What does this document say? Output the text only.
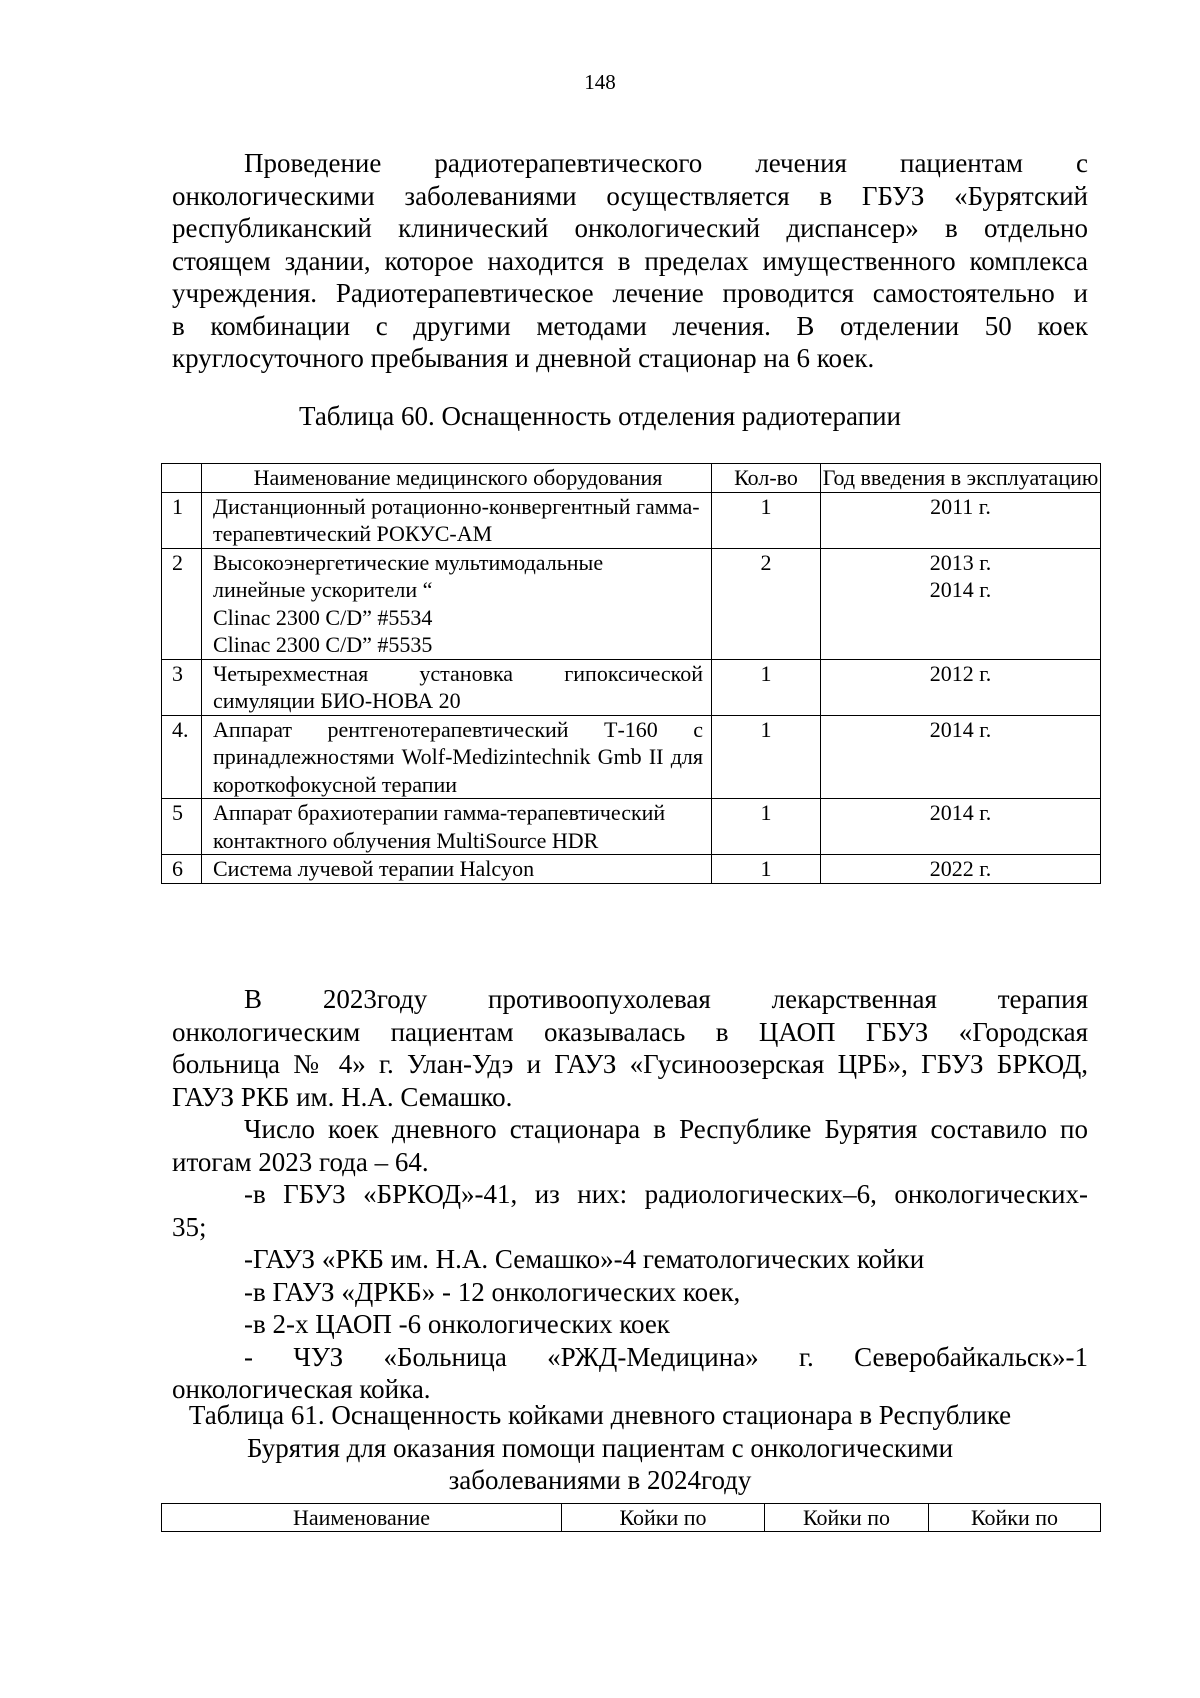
148
Проведение радиотерапевтического лечения пациентам с
онкологическими заболеваниями осуществляется в ГБУЗ «Бурятский
республиканский клинический онкологический диспансер» в отдельно
стоящем здании, которое находится в пределах имущественного комплекса
учреждения. Радиотерапевтическое лечение проводится самостоятельно и
в комбинации с другими методами лечения. В отделении 50 коек
круглосуточного пребывания и дневной стационар на 6 коек.
Таблица 60. Оснащенность отделения радиотерапии
	Наименование медицинского оборудования	Кол-во	Год введения в эксплуатацию
1	Дистанционный ротационно-конвергентный гамма-терапевтический РОКУС-АМ	1	2011 г.

2	Высокоэнергетические мультимодальные
линейные ускорители “
Clinac 2300 C/D” #5534
Clinac 2300 C/D” #5535	2	2013 г.
2014 г.

3	Четырехместная установка гипоксической симуляции БИО-НОВА 20	1	2012 г.

4.	Аппарат рентгенотерапевтический Т-160 с принадлежностями Wolf-Medizintechnik Gmb II для короткофокусной терапии	1	2014 г.

5	Аппарат брахиотерапии гамма-терапевтический контактного облучения MultiSource HDR	1	2014 г.

6	Система лучевой терапии Halcyon	1	2022 г.
В 2023году противоопухолевая лекарственная терапия
онкологическим пациентам оказывалась в ЦАОП ГБУЗ «Городская
больница № 4» г. Улан-Удэ и ГАУЗ «Гусиноозерская ЦРБ», ГБУЗ БРКОД,
ГАУЗ РКБ им. Н.А. Семашко.
Число коек дневного стационара в Республике Бурятия составило по
итогам 2023 года – 64.
-в ГБУЗ «БРКОД»-41, из них: радиологических–6, онкологических-
35;
-ГАУЗ «РКБ им. Н.А. Семашко»-4 гематологических койки
-в ГАУЗ «ДРКБ» - 12 онкологических коек,
-в 2-х ЦАОП -6 онкологических коек
- ЧУЗ «Больница «РЖД-Медицина» г. Северобайкальск»-1
онкологическая койка.
Таблица 61. Оснащенность койками дневного стационара в Республике
Бурятия для оказания помощи пациентам с онкологическими
заболеваниями в 2024году
Наименование	Койки по	Койки по	Койки по
